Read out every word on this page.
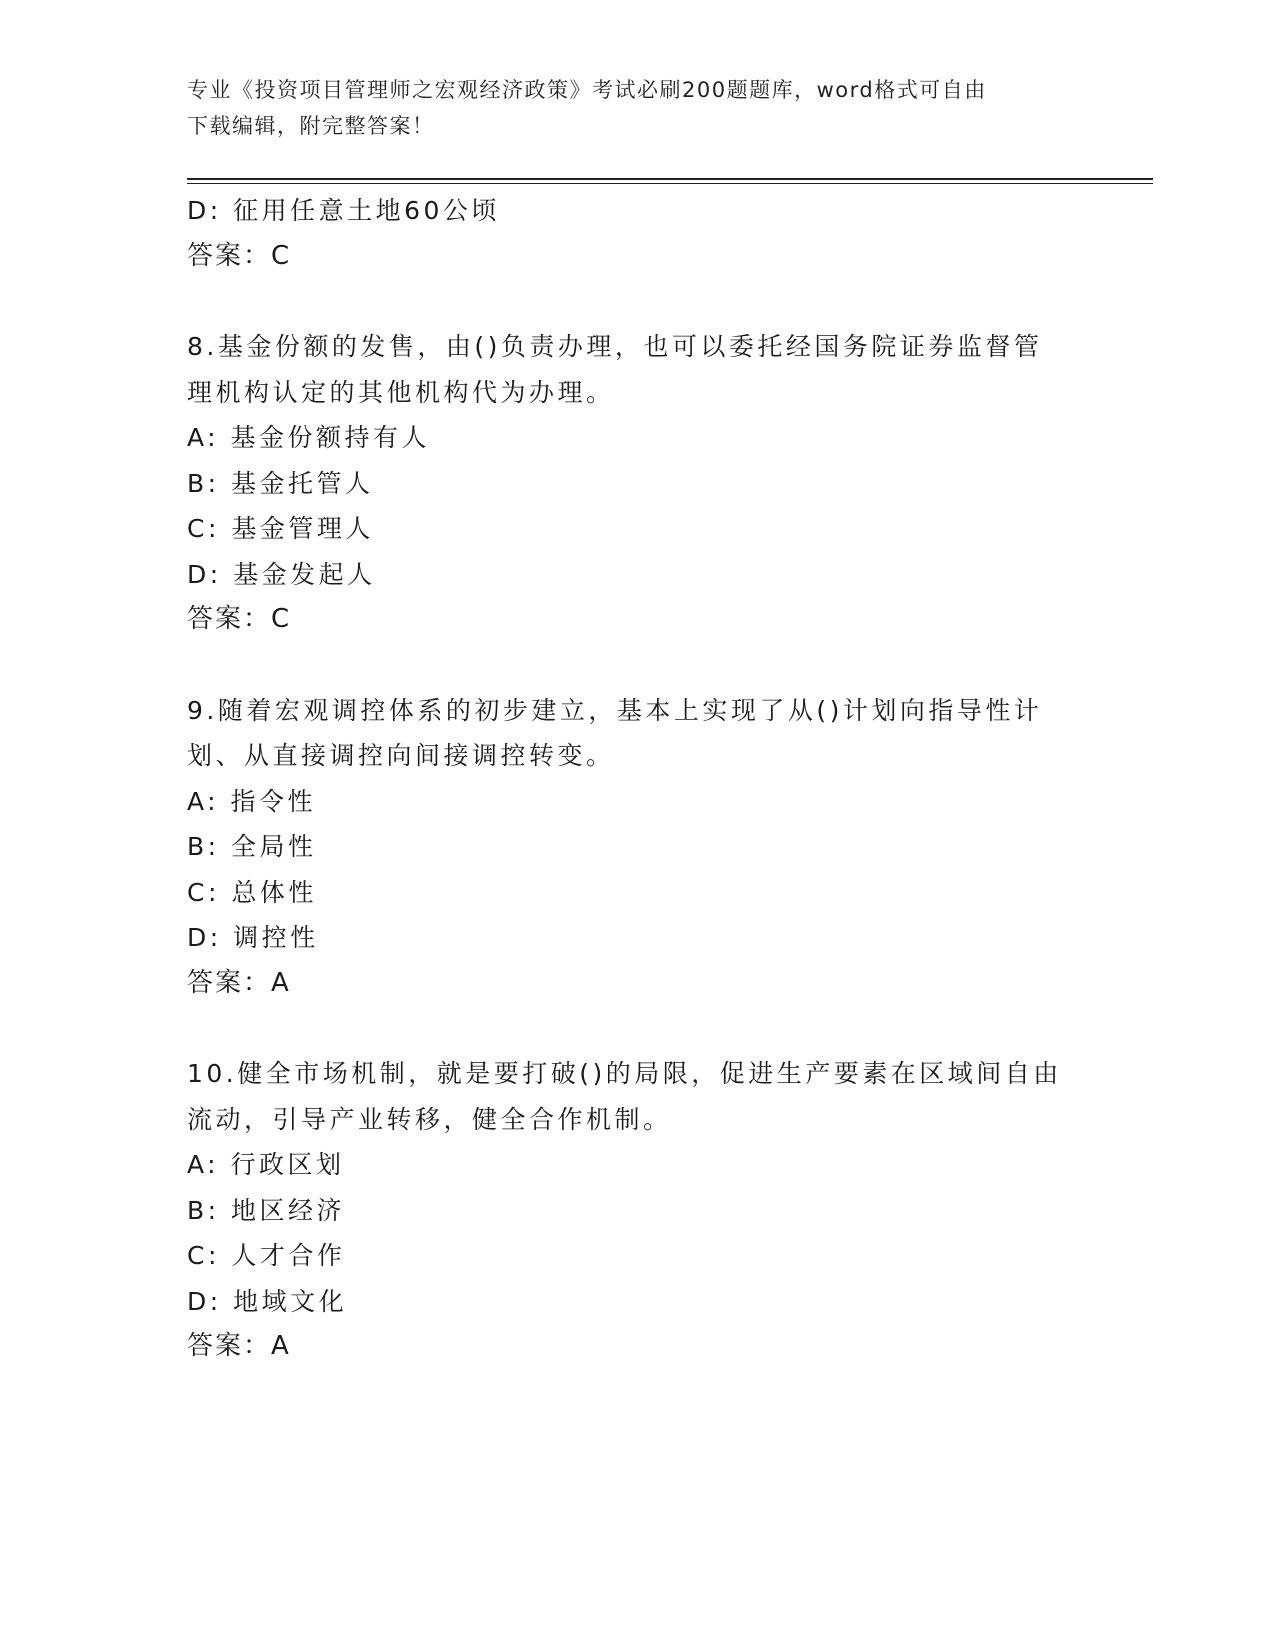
专业《投资项目管理师之宏观经济政策》考试必刷200题题库，word格式可自由
下载编辑，附完整答案！
D: 征用任意土地60公顷
答案：C
8.基金份额的发售，由()负责办理，也可以委托经国务院证券监督管
理机构认定的其他机构代为办理。
A: 基金份额持有人
B: 基金托管人
C: 基金管理人
D: 基金发起人
答案：C
9.随着宏观调控体系的初步建立，基本上实现了从()计划向指导性计
划、从直接调控向间接调控转变。
A: 指令性
B: 全局性
C: 总体性
D: 调控性
答案：A
10.健全市场机制，就是要打破()的局限，促进生产要素在区域间自由
流动，引导产业转移，健全合作机制。
A: 行政区划
B: 地区经济
C: 人才合作
D: 地域文化
答案：A
